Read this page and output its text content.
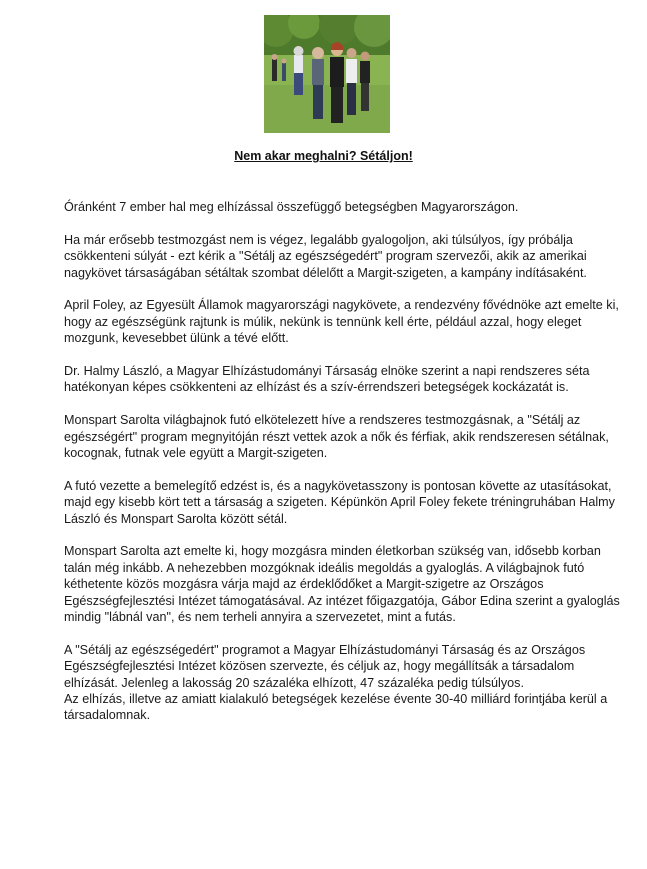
Nem akar meghalni? Sétáljon!

Óránként 7 ember hal meg elhízással összefüggő betegségben Magyarországon.

Ha már erősebb testmozgást nem is végez, legalább gyalogoljon, aki túlsúlyos, így próbálja csökkenteni súlyát - ezt kérik a "Sétálj az egészségedért" program szervezői, akik az amerikai nagykövet társaságában sétáltak szombat délelőtt a Margit-szigeten, a kampány indításaként.

April Foley, az Egyesült Államok magyarországi nagykövete, a rendezvény fővédnöke azt emelte ki, hogy az egészségünk rajtunk is múlik, nekünk is tennünk kell érte, például azzal, hogy eleget mozgunk, kevesebbet ülünk a tévé előtt.

Dr. Halmy László, a Magyar Elhízástudományi Társaság elnöke szerint a napi rendszeres séta hatékonyan képes csökkenteni az elhízást és a szív-érrendszeri betegségek kockázatát is.

Monspart Sarolta világbajnok futó elkötelezett híve a rendszeres testmozgásnak, a "Sétálj az egészségért" program megnyitóján részt vettek azok a nők és férfiak, akik rendszeresen sétálnak, kocognak, futnak vele együtt a Margit-szigeten.

A futó vezette a bemelegítő edzést is, és a nagykövetasszony is pontosan követte az utasításokat, majd egy kisebb kört tett a társaság a szigeten. Képünkön April Foley fekete tréningruhában Halmy László és Monspart Sarolta között sétál.

Monspart Sarolta azt emelte ki, hogy mozgásra minden életkorban szükség van, idősebb korban talán még inkább. A nehezebben mozgóknak ideális megoldás a gyaloglás. A világbajnok futó kéthetente közös mozgásra várja majd az érdeklődőket a Margit-szigetre az Országos Egészségfejlesztési Intézet támogatásával. Az intézet főigazgatója, Gábor Edina szerint a gyaloglás mindig "lábnál van", és nem terheli annyira a szervezetet, mint a futás.

A "Sétálj az egészségedért" programot a Magyar Elhízástudományi Társaság és az Országos Egészségfejlesztési Intézet közösen szervezte, és céljuk az, hogy megállítsák a társadalom elhízását. Jelenleg a lakosság 20 százaléka elhízott, 47 százaléka pedig túlsúlyos.

Az elhízás, illetve az amiatt kialakuló betegségek kezelése évente 30-40 milliárd forintjába kerül a társadalomnak.
